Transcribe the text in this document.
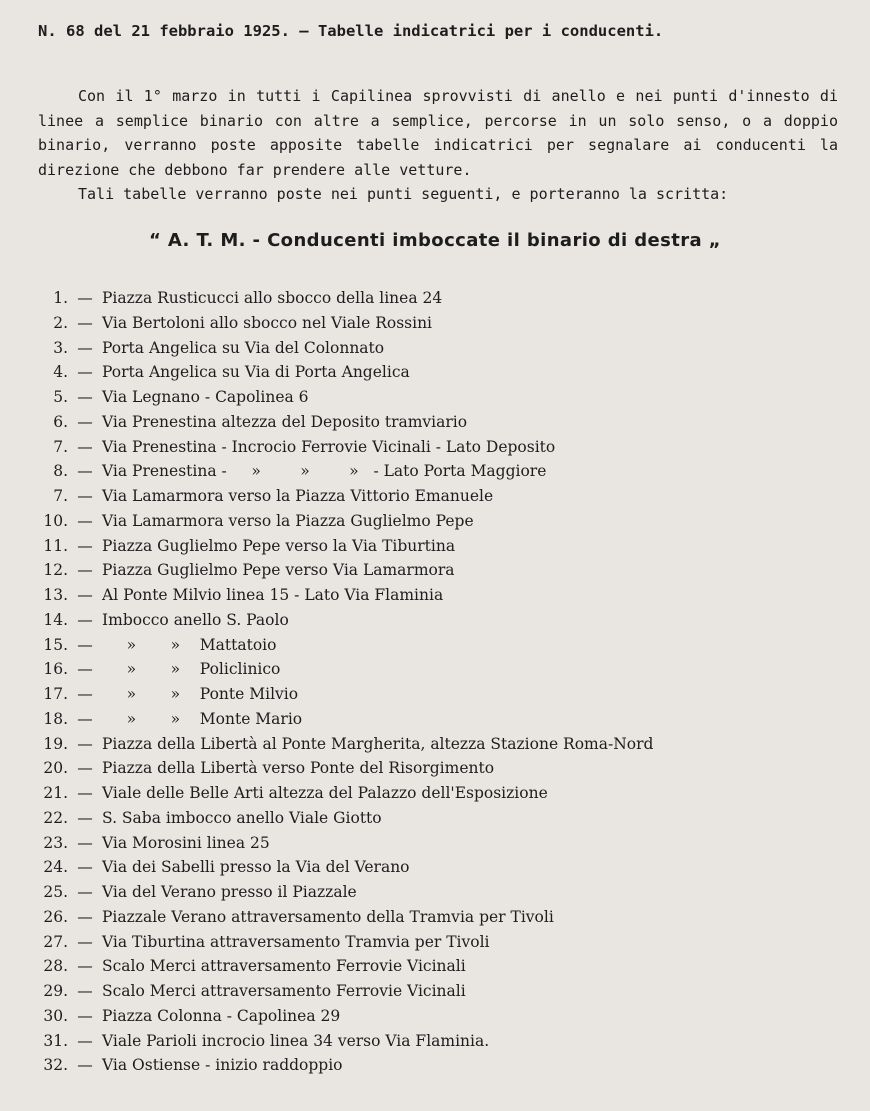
N. 68 del 21 febbraio 1925. — Tabelle indicatrici per i conducenti.

Con il 1° marzo in tutti i Capilinea sprovvisti di anello e nei punti d'innesto di linee a semplice binario con altre a semplice, percorse in un solo senso, o a doppio binario, verranno poste apposite tabelle indicatrici per segnalare ai conducenti la direzione che debbono far prendere alle vetture.

Tali tabelle verranno poste nei punti seguenti, e porteranno la scritta:

“ A. T. M. - Conducenti imboccate il binario di destra „
1. — Piazza Rusticucci allo sbocco della linea 24
2. — Via Bertoloni allo sbocco nel Viale Rossini
3. — Porta Angelica su Via del Colonnato
4. — Porta Angelica su Via di Porta Angelica
5. — Via Legnano - Capolinea 6
6. — Via Prenestina altezza del Deposito tramviario
7. — Via Prenestina - Incrocio Ferrovie Vicinali - Lato Deposito
8. — Via Prenestina -     »        »        »   - Lato Porta Maggiore
7. — Via Lamarmora verso la Piazza Vittorio Emanuele
10. — Via Lamarmora verso la Piazza Guglielmo Pepe
11. — Piazza Guglielmo Pepe verso la Via Tiburtina
12. — Piazza Guglielmo Pepe verso Via Lamarmora
13. — Al Ponte Milvio linea 15 - Lato Via Flaminia
14. — Imbocco anello S. Paolo
15. — »       »    Mattatoio
16. — »       »    Policlinico
17. — »       »    Ponte Milvio
18. — »       »    Monte Mario
19. — Piazza della Libertà al Ponte Margherita, altezza Stazione Roma-Nord
20. — Piazza della Libertà verso Ponte del Risorgimento
21. — Viale delle Belle Arti altezza del Palazzo dell'Esposizione
22. — S. Saba imbocco anello Viale Giotto
23. — Via Morosini linea 25
24. — Via dei Sabelli presso la Via del Verano
25. — Via del Verano presso il Piazzale
26. — Piazzale Verano attraversamento della Tramvia per Tivoli
27. — Via Tiburtina attraversamento Tramvia per Tivoli
28. — Scalo Merci attraversamento Ferrovie Vicinali
29. — Scalo Merci attraversamento Ferrovie Vicinali
30. — Piazza Colonna - Capolinea 29
31. — Viale Parioli incrocio linea 34 verso Via Flaminia.
32. — Via Ostiense - inizio raddoppio
